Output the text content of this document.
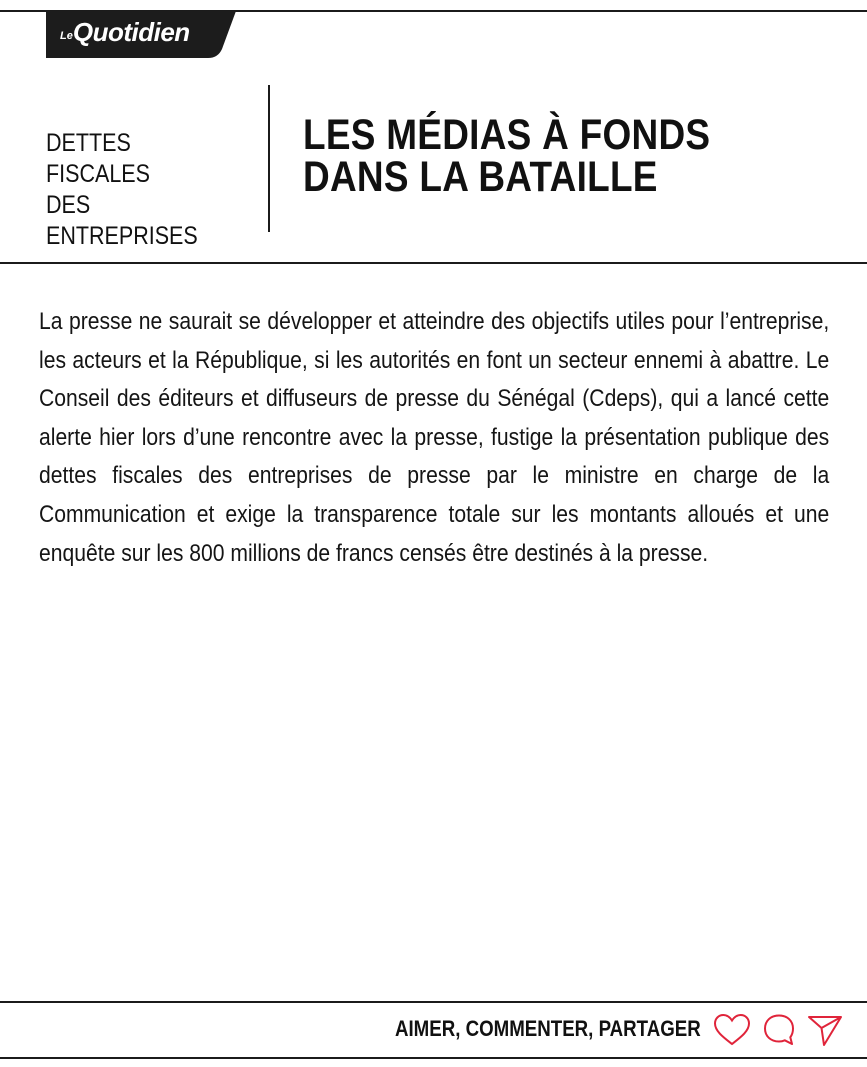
LeQuotidien

DETTES FISCALES
DES ENTREPRISES

LES MÉDIAS À FONDS DANS LA BATAILLE

La presse ne saurait se développer et atteindre des objectifs utiles pour l’entreprise, les acteurs et la République, si les autorités en font un secteur ennemi à abattre. Le Conseil des éditeurs et diffuseurs de presse du Sénégal (Cdeps), qui a lancé cette alerte hier lors d’une rencontre avec la presse, fustige la présentation publique des dettes fiscales des entreprises de presse par le ministre en charge de la Communication et exige la transparence totale sur les montants alloués et une enquête sur les 800 millions de francs censés être destinés à la presse.

AIMER, COMMENTER, PARTAGER
